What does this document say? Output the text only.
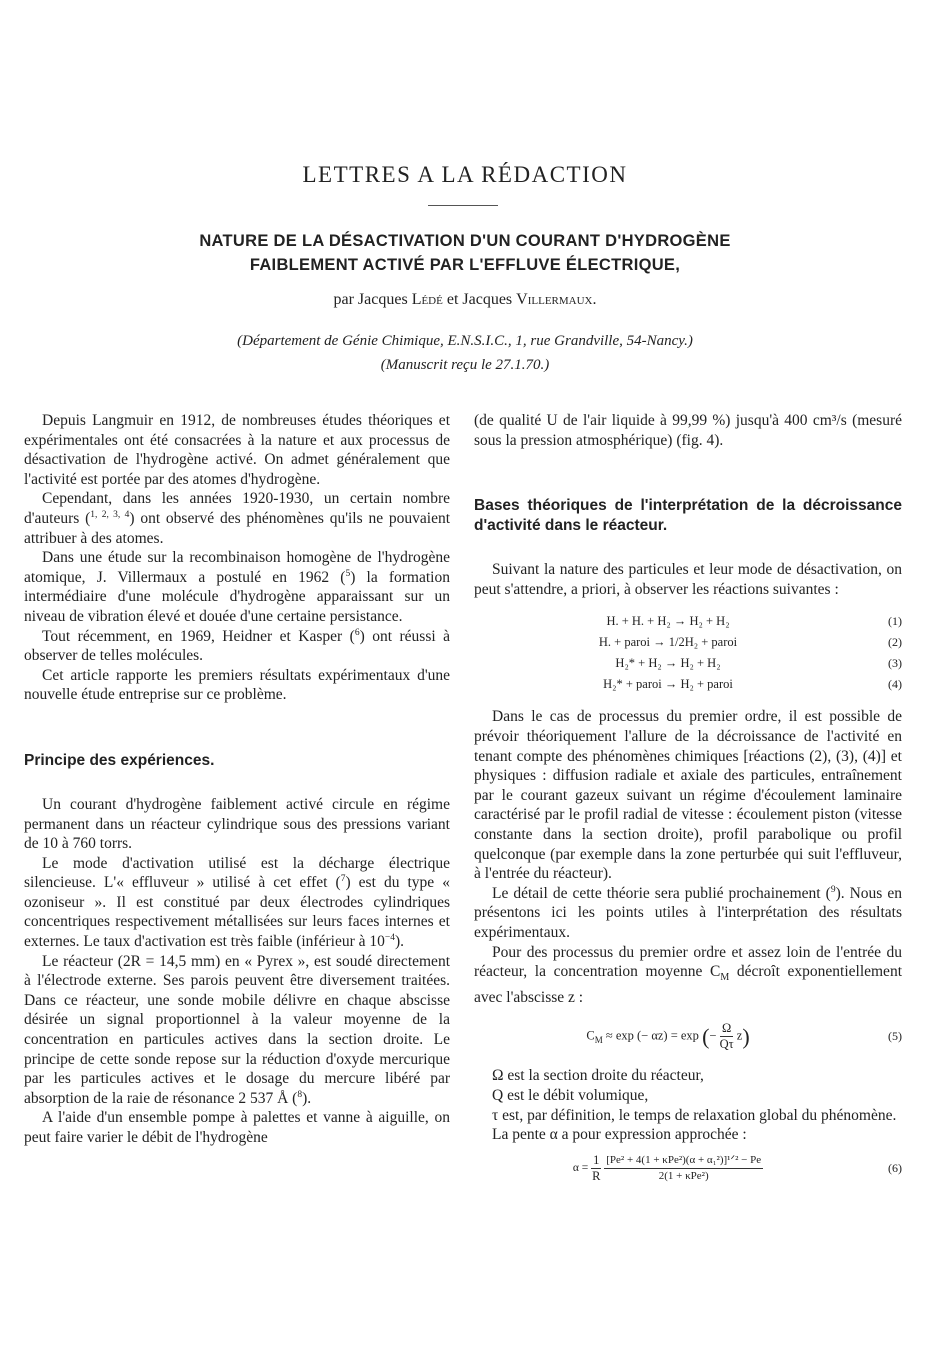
LETTRES A LA RÉDACTION
NATURE DE LA DÉSACTIVATION D'UN COURANT D'HYDROGÈNE
FAIBLEMENT ACTIVÉ PAR L'EFFLUVE ÉLECTRIQUE,
par Jacques Lédé et Jacques Villermaux.
(Département de Génie Chimique, E.N.S.I.C., 1, rue Grandville, 54-Nancy.)
(Manuscrit reçu le 27.1.70.)

Depuis Langmuir en 1912, de nombreuses études théoriques et expérimentales ont été consacrées à la nature et aux processus de désactivation de l'hydrogène activé. On admet généralement que l'activité est portée par des atomes d'hydrogène.

Cependant, dans les années 1920-1930, un certain nombre d'auteurs ($^{1, 2, 3, 4}$) ont observé des phénomènes qu'ils ne pouvaient attribuer à des atomes.

Dans une étude sur la recombinaison homogène de l'hydrogène atomique, J. Villermaux a postulé en 1962 ($^5$) la formation intermédiaire d'une molécule d'hydrogène apparaissant sur un niveau de vibration élevé et douée d'une certaine persistance.

Tout récemment, en 1969, Heidner et Kasper ($^6$) ont réussi à observer de telles molécules.

Cet article rapporte les premiers résultats expérimentaux d'une nouvelle étude entreprise sur ce problème.

Principe des expériences.

Un courant d'hydrogène faiblement activé circule en régime permanent dans un réacteur cylindrique sous des pressions variant de 10 à 760 torrs.

Le mode d'activation utilisé est la décharge électrique silencieuse. L'« effluveur » utilisé à cet effet ($^7$) est du type « ozoniseur ». Il est constitué par deux électrodes cylindriques concentriques respectivement métallisées sur leurs faces internes et externes. Le taux d'activation est très faible (inférieur à $10^{-4}$).

Le réacteur (2R = 14,5 mm) en « Pyrex », est soudé directement à l'électrode externe. Ses parois peuvent être diversement traitées. Dans ce réacteur, une sonde mobile délivre en chaque abscisse désirée un signal proportionnel à la valeur moyenne de la concentration en particules actives dans la section droite. Le principe de cette sonde repose sur la réduction d'oxyde mercurique par les particules actives et le dosage du mercure libéré par absorption de la raie de résonance 2 537 Å ($^8$).

A l'aide d'un ensemble pompe à palettes et vanne à aiguille, on peut faire varier le débit de l'hydrogène

(de qualité U de l'air liquide à 99,99 %) jusqu'à 400 cm³/s (mesuré sous la pression atmosphérique) (fig. 4).

Bases théoriques de l'interprétation de la décroissance d'activité dans le réacteur.

Suivant la nature des particules et leur mode de désactivation, on peut s'attendre, a priori, à observer les réactions suivantes :

H. + H. + H₂ → H₂ + H₂	(1)
H. + paroi → 1/2H₂ + paroi	(2)
H₂* + H₂ → H₂ + H₂	(3)
H₂* + paroi → H₂ + paroi	(4)

Dans le cas de processus du premier ordre, il est possible de prévoir théoriquement l'allure de la décroissance de l'activité en tenant compte des phénomènes chimiques [réactions (2), (3), (4)] et physiques : diffusion radiale et axiale des particules, entraînement par le courant gazeux suivant un régime d'écoulement laminaire caractérisé par le profil radial de vitesse : écoulement piston (vitesse constante dans la section droite), profil parabolique ou profil quelconque (par exemple dans la zone perturbée qui suit l'effluveur, à l'entrée du réacteur).

Le détail de cette théorie sera publié prochainement ($^9$). Nous en présentons ici les points utiles à l'interprétation des résultats expérimentaux.

Pour des processus du premier ordre et assez loin de l'entrée du réacteur, la concentration moyenne $C_M$ décroît exponentiellement avec l'abscisse z :

$C_M \approx \exp$ (− αz) = exp (− $\frac{\Omega}{Q\tau} z$)	(5)

Ω est la section droite du réacteur,

Q est le débit volumique,

τ est, par définition, le temps de relaxation global du phénomène.

La pente α a pour expression approchée :

$\alpha = \frac{1}{R}$
$\frac{\text{[Pe² + 4(1 + κPe²)(α + α₁²)]¹ᐟ² − Pe}}{\text{2(1 + κPe²)}}$	(6)
